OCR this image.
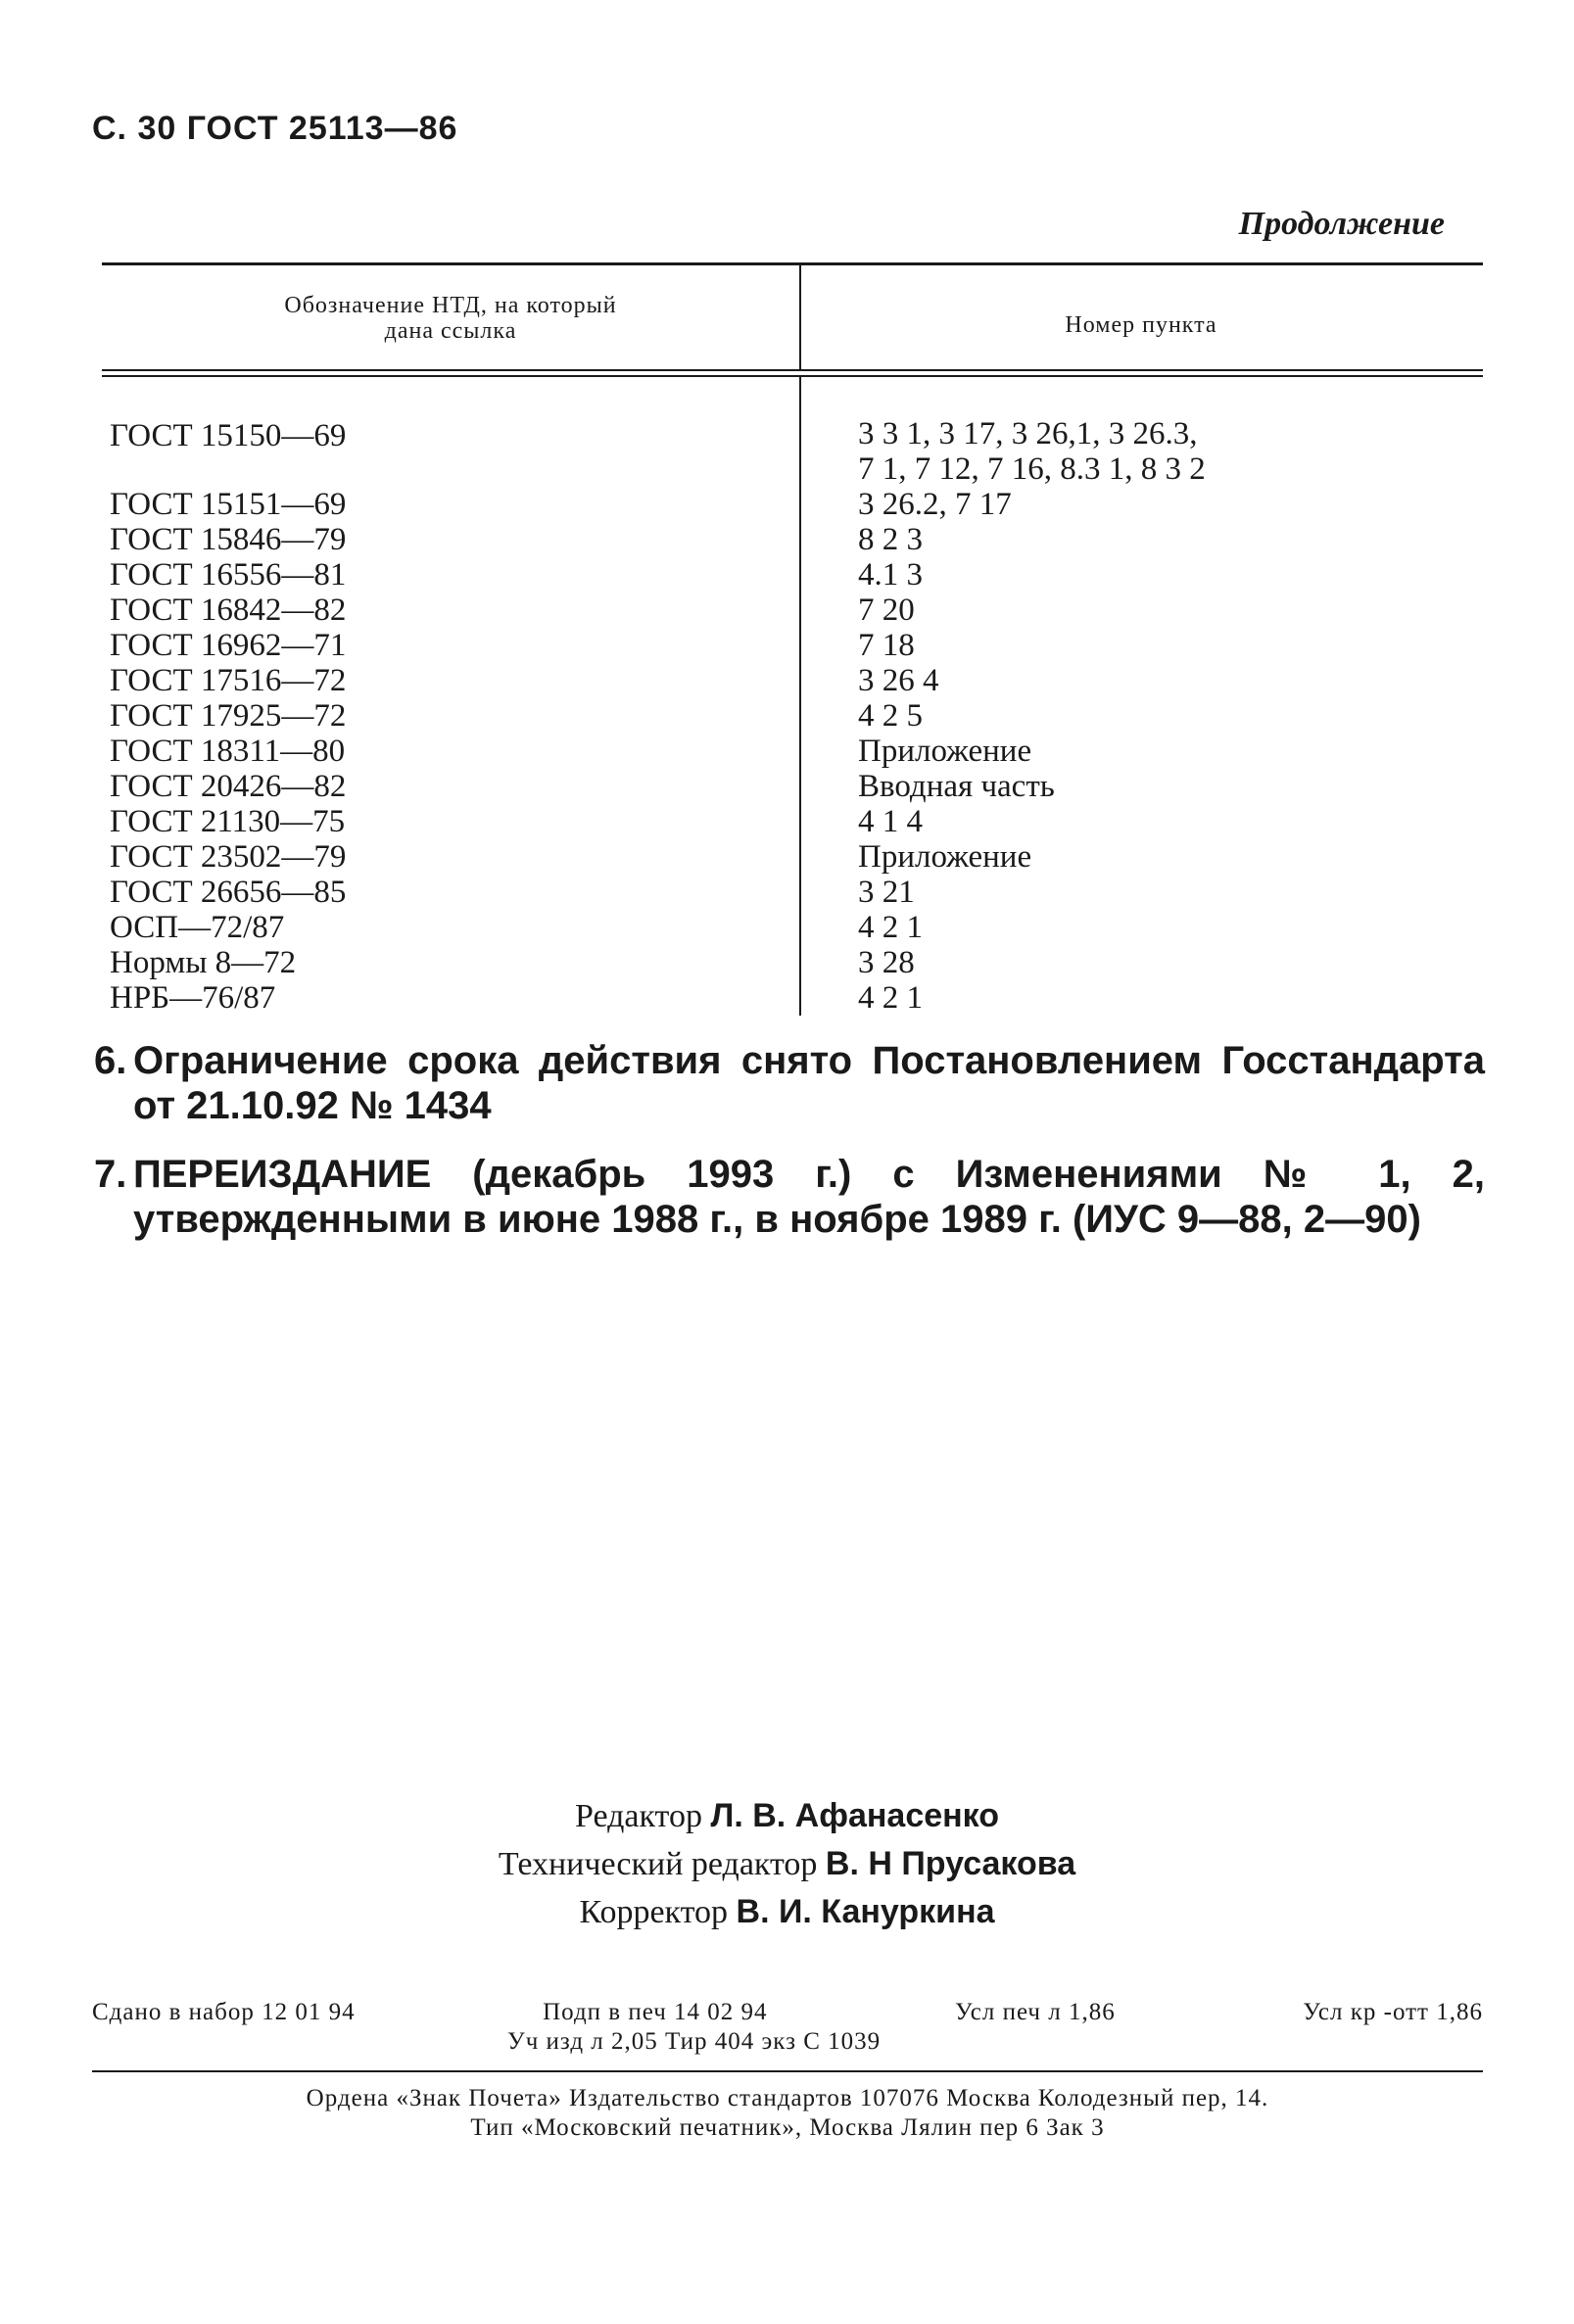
С. 30 ГОСТ 25113—86
Продолжение
Обозначение НТД, на который
дана ссылка	Номер пункта
ГОСТ 15150—69	3 3 1, 3 17, 3 26,1, 3 26.3,
7 1, 7 12, 7 16, 8.3 1, 8 3 2
ГОСТ 15151—69	3 26.2, 7 17
ГОСТ 15846—79	8 2 3
ГОСТ 16556—81	4.1 3
ГОСТ 16842—82	7 20
ГОСТ 16962—71	7 18
ГОСТ 17516—72	3 26 4
ГОСТ 17925—72	4 2 5
ГОСТ 18311—80	Приложение
ГОСТ 20426—82	Вводная часть
ГОСТ 21130—75	4 1 4
ГОСТ 23502—79	Приложение
ГОСТ 26656—85	3 21
ОСП—72/87	4 2 1
Нормы 8—72	3 28
НРБ—76/87	4 2 1
6. Ограничение срока действия снято Постановлением Госстандарта от 21.10.92 № 1434
7. ПЕРЕИЗДАНИЕ (декабрь 1993 г.) с Изменениями № 1, 2, утвержденными в июне 1988 г., в ноябре 1989 г. (ИУС 9—88, 2—90)
Редактор Л. В. Афанасенко
Технический редактор В. Н Прусакова
Корректор В. И. Кануркина
Сдано в набор 12 01 94	Подп в печ 14 02 94	Усл печ л 1,86	Усл кр -отт 1,86
Уч изд л 2,05 Тир 404 экз С 1039
Ордена «Знак Почета» Издательство стандартов 107076 Москва Колодезный пер, 14.
Тип «Московский печатник», Москва Лялин пер 6 Зак 3
